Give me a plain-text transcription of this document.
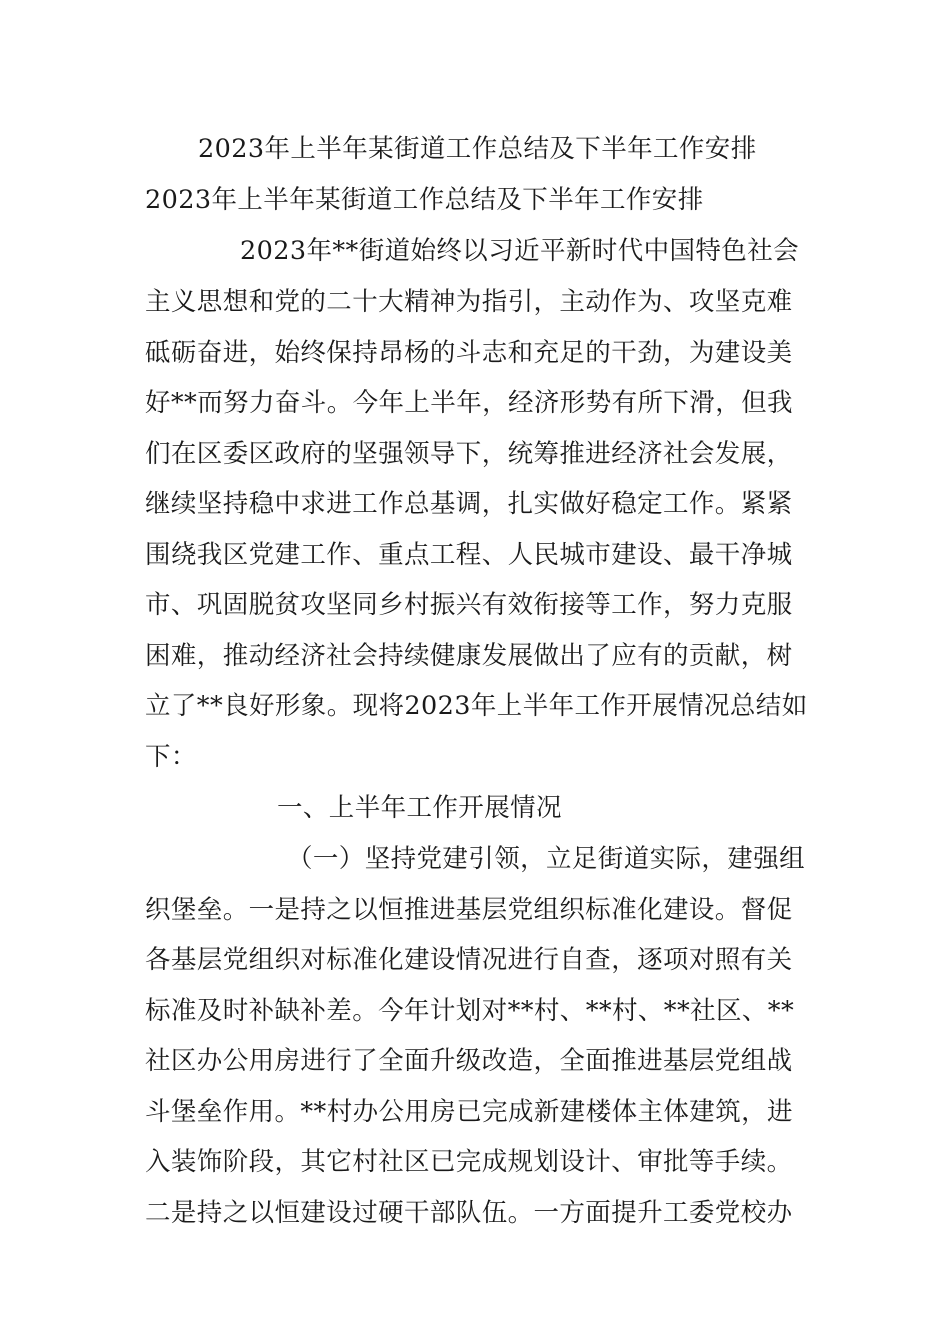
2023年上半年某街道工作总结及下半年工作安排
2023年上半年某街道工作总结及下半年工作安排
2023年**街道始终以习近平新时代中国特色社会
主义思想和党的二十大精神为指引，主动作为、攻坚克难
砥砺奋进，始终保持昂杨的斗志和充足的干劲，为建设美
好**而努力奋斗。今年上半年，经济形势有所下滑，但我
们在区委区政府的坚强领导下，统筹推进经济社会发展，
继续坚持稳中求进工作总基调，扎实做好稳定工作。紧紧
围绕我区党建工作、重点工程、人民城市建设、最干净城
市、巩固脱贫攻坚同乡村振兴有效衔接等工作，努力克服
困难，推动经济社会持续健康发展做出了应有的贡献，树
立了**良好形象。现将2023年上半年工作开展情况总结如
下：
一、上半年工作开展情况
（一）坚持党建引领，立足街道实际，建强组
织堡垒。一是持之以恒推进基层党组织标准化建设。督促
各基层党组织对标准化建设情况进行自查，逐项对照有关
标准及时补缺补差。今年计划对**村、**村、**社区、**
社区办公用房进行了全面升级改造，全面推进基层党组战
斗堡垒作用。**村办公用房已完成新建楼体主体建筑，进
入装饰阶段，其它村社区已完成规划设计、审批等手续。
二是持之以恒建设过硬干部队伍。一方面提升工委党校办
